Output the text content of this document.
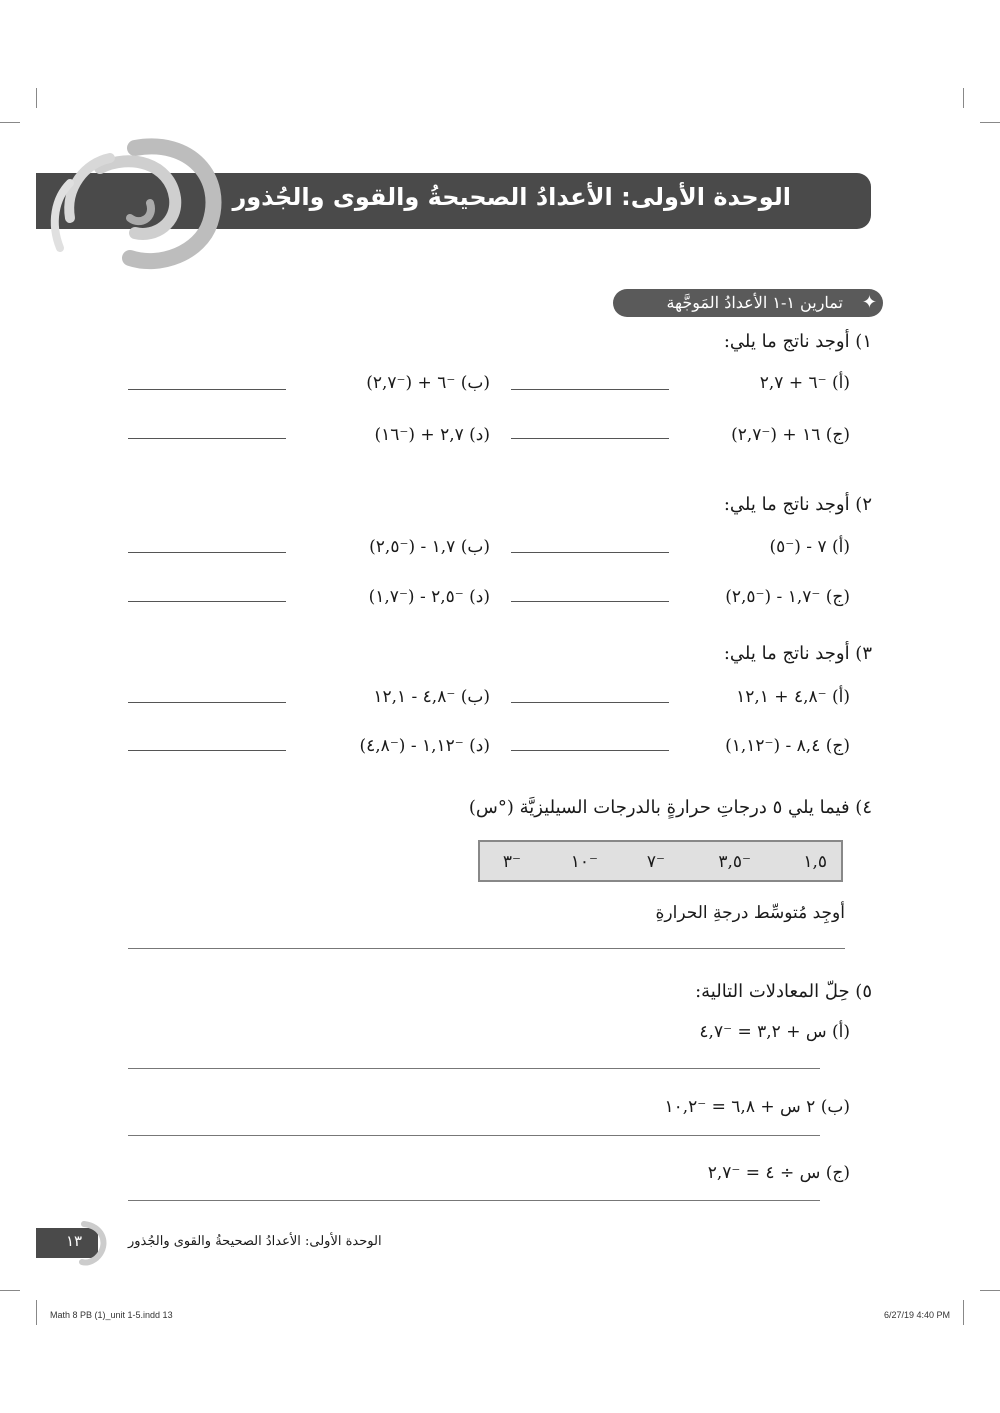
الوحدة الأولى: الأعدادُ الصحيحةُ والقوى والجُذور
✦
تمارين ١-١ الأعدادُ المَوجَّهة
١) أوجد ناتج ما يلي:
(أ) ⁻٦ + ٢,٧
(ب) ⁻٦ + (⁻٢,٧)
(ج) ١٦ + (⁻٢,٧)
(د) ٢,٧ + (⁻١٦)
٢) أوجد ناتج ما يلي:
(أ) ٧ - (⁻٥)
(ب) ١,٧ - (⁻٢,٥)
(ج) ⁻١,٧ - (⁻٢,٥)
(د) ⁻٢,٥ - (⁻١,٧)
٣) أوجد ناتج ما يلي:
(أ) ⁻٤,٨ + ١٢,١
(ب) ⁻٤,٨ - ١٢,١
(ج) ٨,٤ - (⁻١,١٢)
(د) ⁻١,١٢ - (⁻٤,٨)
٤) فيما يلي ٥ درجاتِ حرارةٍ بالدرجات السيليزيَّة (°س)
١,٥
⁻٣,٥
⁻٧
⁻١٠
⁻٣
أوجِد مُتوسِّط درجةِ الحرارةِ
٥) حِلّ المعادلات التالية:
(أ) س + ٣,٢ = ⁻٤,٧
(ب) ٢ س + ٦,٨ = ⁻١٠,٢
(ج) س ÷ ٤ = ⁻٢,٧
١٣	الوحدة الأولى: الأعدادُ الصحيحةُ والقوى والجُذور
Math 8 PB (1)_unit 1-5.indd 13	6/27/19 4:40 PM
